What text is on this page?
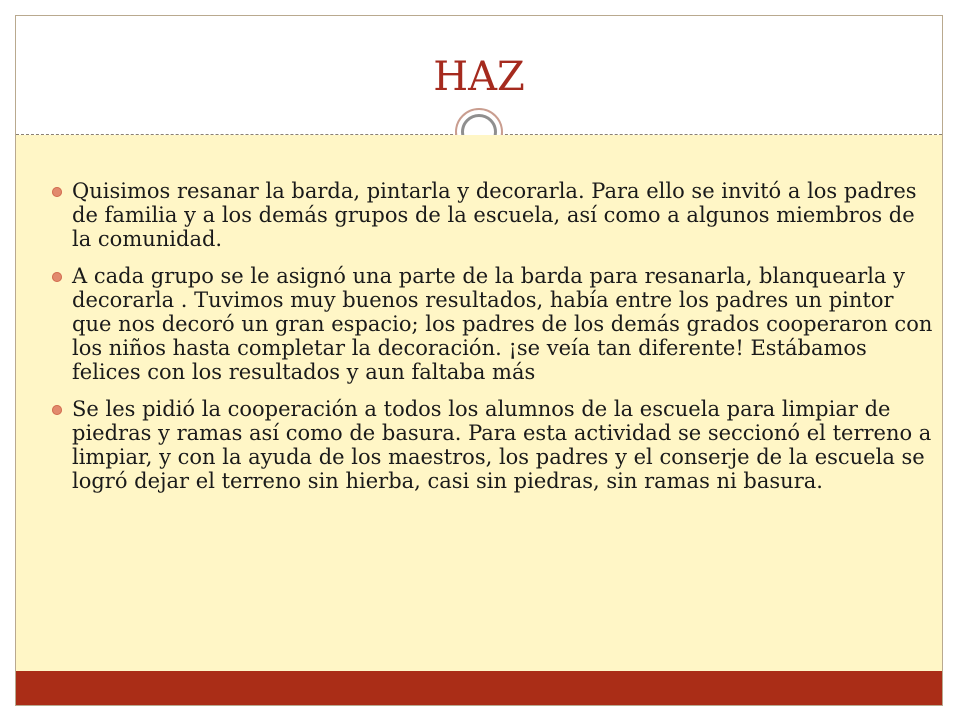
HAZ
Quisimos resanar la barda, pintarla y decorarla. Para ello se invitó a los padres de familia y a los demás grupos de la escuela, así como a algunos miembros de la comunidad.
A cada grupo se le asignó una parte de la barda para resanarla, blanquearla y decorarla . Tuvimos muy buenos resultados, había entre los padres un pintor que nos decoró un gran espacio; los padres de los demás grados cooperaron con los niños hasta completar la decoración. ¡se veía tan diferente! Estábamos felices con los resultados y aun faltaba más
Se les pidió la cooperación a todos los alumnos de la escuela para limpiar de piedras y ramas así como de basura. Para esta actividad se seccionó el terreno a limpiar, y con la ayuda de los maestros, los padres y el conserje de la escuela se logró dejar el terreno sin hierba, casi sin piedras, sin ramas ni basura.
